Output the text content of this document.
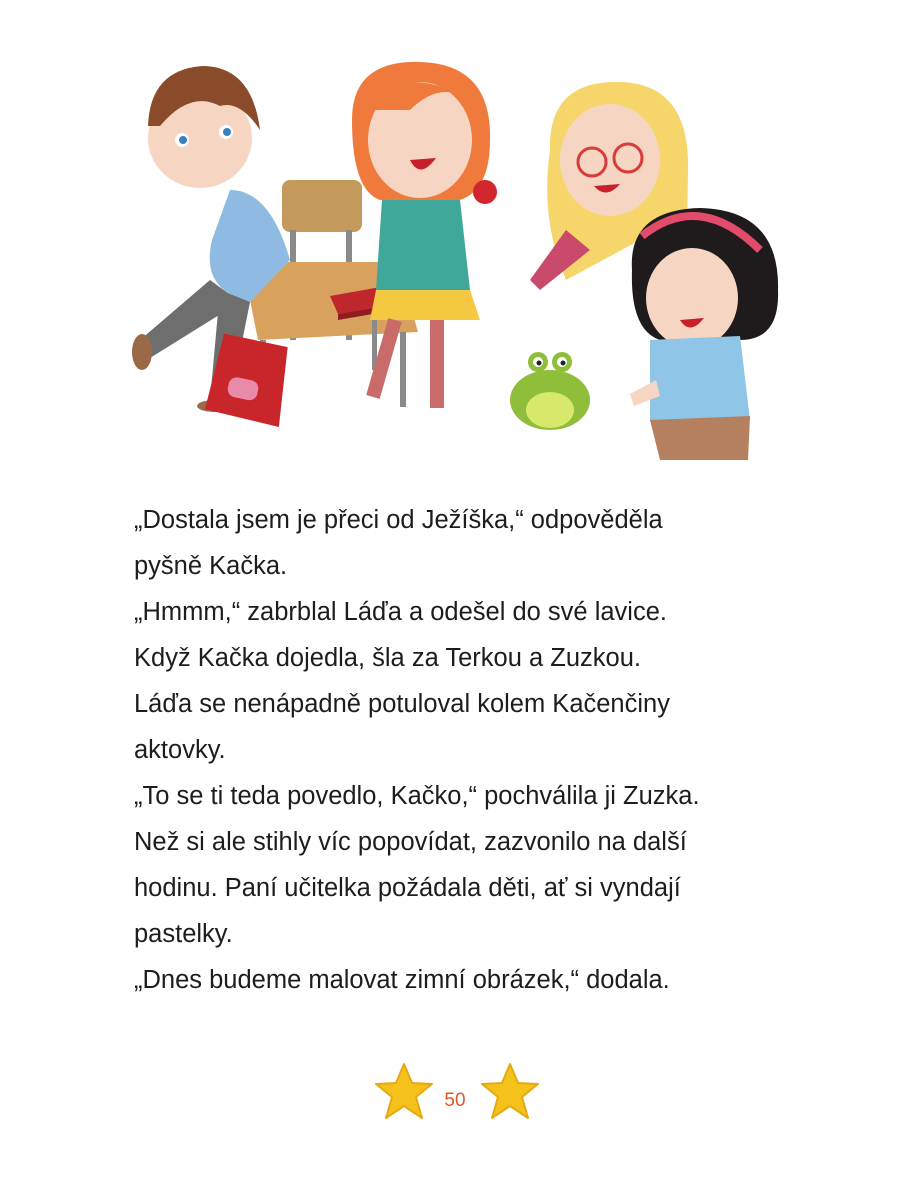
„Dostala jsem je přeci od Ježíška,“ odpověděla

pyšně Kačka.

„Hmmm,“ zabrblal Láďa a odešel do své lavice.

Když Kačka dojedla, šla za Terkou a Zuzkou.

Láďa se nenápadně potuloval kolem Kačenčiny

aktovky.

„To se ti teda povedlo, Kačko,“ pochválila ji Zuzka.

Než si ale stihly víc popovídat, zazvonilo na další

hodinu. Paní učitelka požádala děti, ať si vyndají

pastelky.

„Dnes budeme malovat zimní obrázek,“ dodala.

50
